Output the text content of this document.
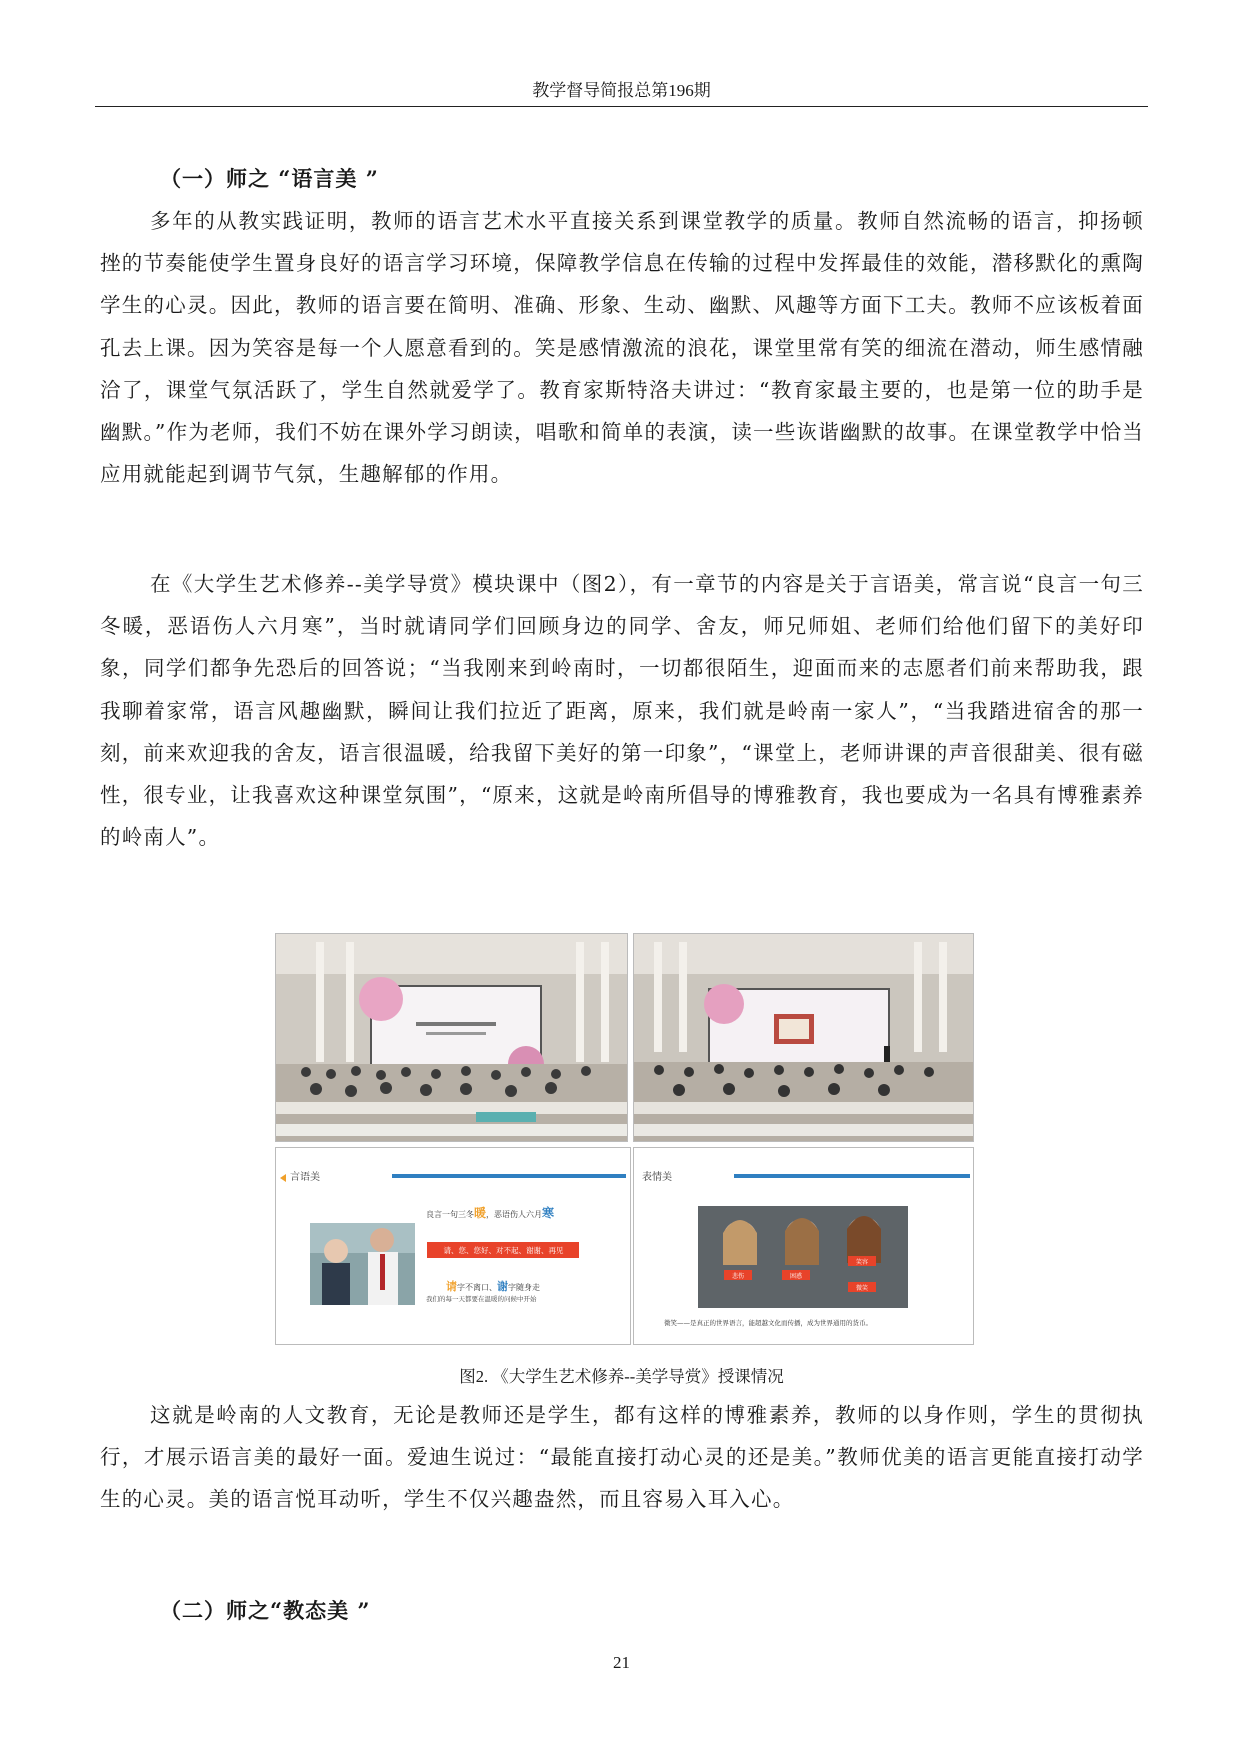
教学督导简报总第196期
（一）师之 “语言美 ”

多年的从教实践证明，教师的语言艺术水平直接关系到课堂教学的质量。教师自然流畅的语言，抑扬顿挫的节奏能使学生置身良好的语言学习环境，保障教学信息在传输的过程中发挥最佳的效能，潜移默化的熏陶学生的心灵。因此，教师的语言要在简明、准确、形象、生动、幽默、风趣等方面下工夫。教师不应该板着面孔去上课。因为笑容是每一个人愿意看到的。笑是感情激流的浪花，课堂里常有笑的细流在潜动，师生感情融洽了，课堂气氛活跃了，学生自然就爱学了。教育家斯特洛夫讲过：“教育家最主要的，也是第一位的助手是幽默。”作为老师，我们不妨在课外学习朗读，唱歌和简单的表演，读一些诙谐幽默的故事。在课堂教学中恰当应用就能起到调节气氛，生趣解郁的作用。

在《大学生艺术修养--美学导赏》模块课中（图2），有一章节的内容是关于言语美，常言说“良言一句三冬暖，恶语伤人六月寒”，当时就请同学们回顾身边的同学、舍友，师兄师姐、老师们给他们留下的美好印象，同学们都争先恐后的回答说；“当我刚来到岭南时，一切都很陌生，迎面而来的志愿者们前来帮助我，跟我聊着家常，语言风趣幽默，瞬间让我们拉近了距离，原来，我们就是岭南一家人”，“当我踏进宿舍的那一刻，前来欢迎我的舍友，语言很温暖，给我留下美好的第一印象”，“课堂上，老师讲课的声音很甜美、很有磁性，很专业，让我喜欢这种课堂氛围”，“原来，这就是岭南所倡导的博雅教育，我也要成为一名具有博雅素养的岭南人”。

言语美
良言一句三冬暖，恶语伤人六月寒
请、您、您好、对不起、谢谢、再见
请字不离口、谢字随身走
我们的每一天都要在温暖的问候中开始
表情美
悲伤	困惑
笑容
微笑
微笑——是真正的世界语言，能超越文化而传播，成为世界通用的货币。
图2. 《大学生艺术修养--美学导赏》授课情况

这就是岭南的人文教育，无论是教师还是学生，都有这样的博雅素养，教师的以身作则，学生的贯彻执行，才展示语言美的最好一面。爱迪生说过：“最能直接打动心灵的还是美。”教师优美的语言更能直接打动学生的心灵。美的语言悦耳动听，学生不仅兴趣盎然，而且容易入耳入心。

（二）师之“教态美 ”
21
